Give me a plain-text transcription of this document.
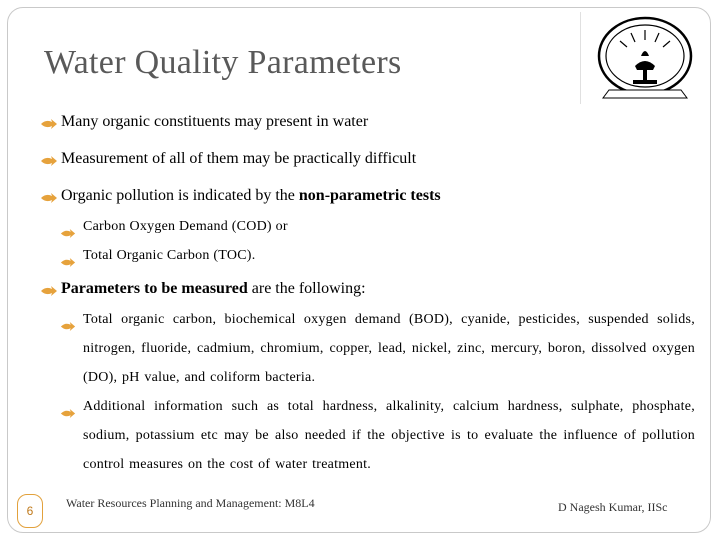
Water Quality Parameters
Many organic constituents may present in water
Measurement of all of them may be practically difficult
Organic pollution is indicated by the non-parametric tests
Carbon Oxygen Demand (COD) or
Total Organic Carbon (TOC).
Parameters to be measured are the following:
Total organic carbon, biochemical oxygen demand (BOD), cyanide, pesticides, suspended solids, nitrogen, fluoride, cadmium, chromium, copper, lead, nickel, zinc, mercury, boron, dissolved oxygen (DO), pH value, and coliform bacteria.
Additional information such as total hardness, alkalinity, calcium hardness, sulphate, phosphate, sodium, potassium etc may be also needed if the objective is to evaluate the influence of pollution control measures on the cost of water treatment.
6
Water Resources Planning and Management: M8L4	D Nagesh Kumar, IISc
